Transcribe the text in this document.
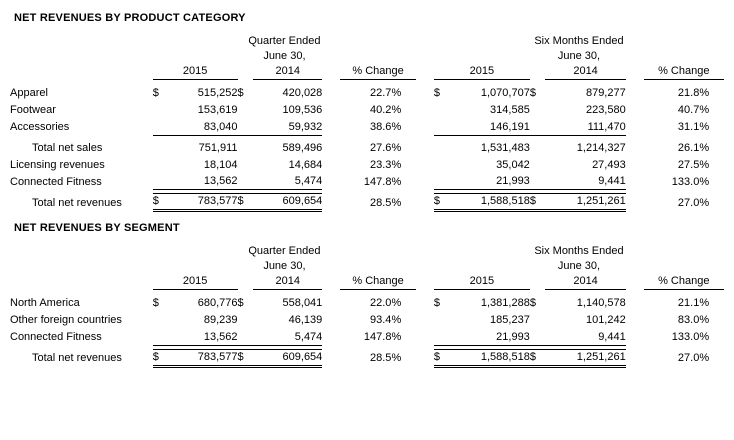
NET REVENUES BY PRODUCT CATEGORY

Quarter Ended
June 30,

Six Months Ended
June 30,

	2015			2014		% Change			2015			2014		% Change	

Apparel	$	515,252	$	420,028		22.7	%		$	1,070,707	$	879,277		21.8	%
Footwear		153,619		109,536		40.2	%			314,585		223,580		40.7	%
Accessories		83,040		59,932		38.6	%			146,191		111,470		31.1	%

Total net sales		751,911		589,496		27.6	%			1,531,483		1,214,327		26.1	%
Licensing revenues		18,104		14,684		23.3	%			35,042		27,493		27.5	%
Connected Fitness		13,562		5,474		147.8	%			21,993		9,441		133.0	%

Total net revenues	$	783,577	$	609,654		28.5	%		$	1,588,518	$	1,251,261		27.0	%
NET REVENUES BY SEGMENT

Quarter Ended
June 30,

Six Months Ended
June 30,

	2015			2014		% Change			2015			2014		% Change	

North America	$	680,776	$	558,041		22.0	%		$	1,381,288	$	1,140,578		21.1	%
Other foreign countries		89,239		46,139		93.4	%			185,237		101,242		83.0	%
Connected Fitness		13,562		5,474		147.8	%			21,993		9,441		133.0	%

Total net revenues	$	783,577	$	609,654		28.5	%		$	1,588,518	$	1,251,261		27.0	%
